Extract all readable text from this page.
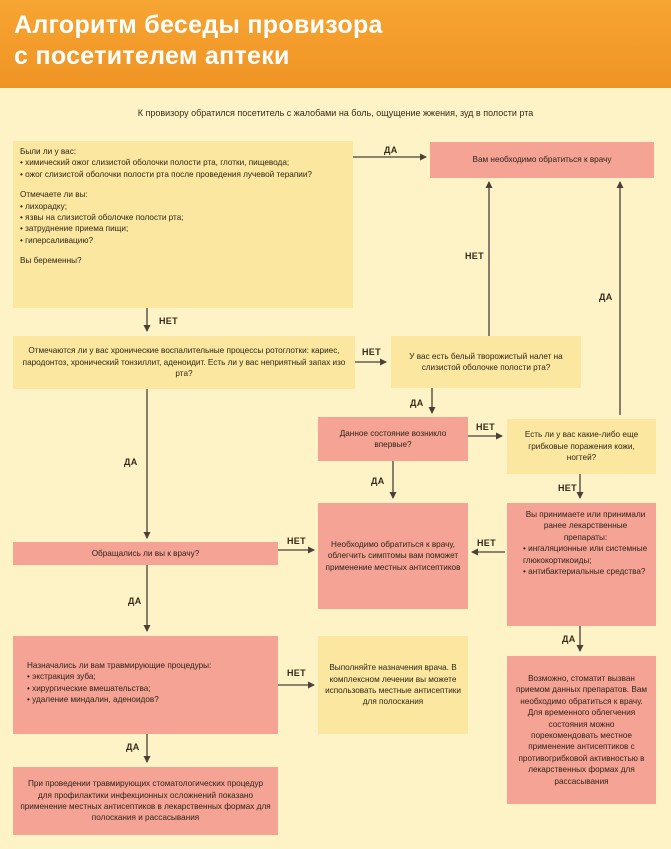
Алгоритм беседы провизора
с посетителем аптеки
К провизору обратился посетитель с жалобами на боль, ощущение жжения, зуд в полости рта

Были ли у вас:

• химический ожог слизистой оболочки полости рта, глотки, пищевода;
• ожог слизистой оболочки полости рта после проведения лучевой терапии?

Отмечаете ли вы:

• лихорадку;
• язвы на слизистой оболочке полости рта;
• затруднение приема пищи;
• гиперсаливацию?

Вы беременны?

Вам необходимо обратиться к врачу
Отмечаются ли у вас хронические воспалительные процессы ротоглотки: кариес, пародонтоз, хронический тонзиллит, аденоидит. Есть ли у вас неприятный запах изо рта?
У вас есть белый творожистый налет на слизистой оболочке полости рта?
Данное состояние возникло впервые?
Есть ли у вас какие-либо еще грибковые поражения кожи, ногтей?
Обращались ли вы к врачу?
Необходимо обратиться к врачу, облегчить симптомы вам поможет применение местных антисептиков

Вы принимаете или принимали ранее лекарственные препараты:

• ингаляционные или системные глюкокортикоиды;
• антибактериальные средства?

Назначались ли вам травмирующие процедуры:

• экстракция зуба;
• хирургические вмешательства;
• удаление миндалин, аденоидов?
Выполняйте назначения врача. В комплексном лечении вы можете использовать местные антисептики для полоскания
Возможно, стоматит вызван приемом данных препаратов. Вам необходимо обратиться к врачу. Для временного облегчения состояния можно порекомендовать местное применение антисептиков с противогрибковой активностью в лекарственных формах для рассасывания
При проведении травмирующих стоматологических процедур для профилактики инфекционных осложнений показано применение местных антисептиков в лекарственных формах для полоскания и рассасывания
ДА
НЕТ
НЕТ
НЕТ
ДА
ДА
НЕТ
ДА
ДА
НЕТ
НЕТ	НЕТ
ДА
ДА
НЕТ
ДА
